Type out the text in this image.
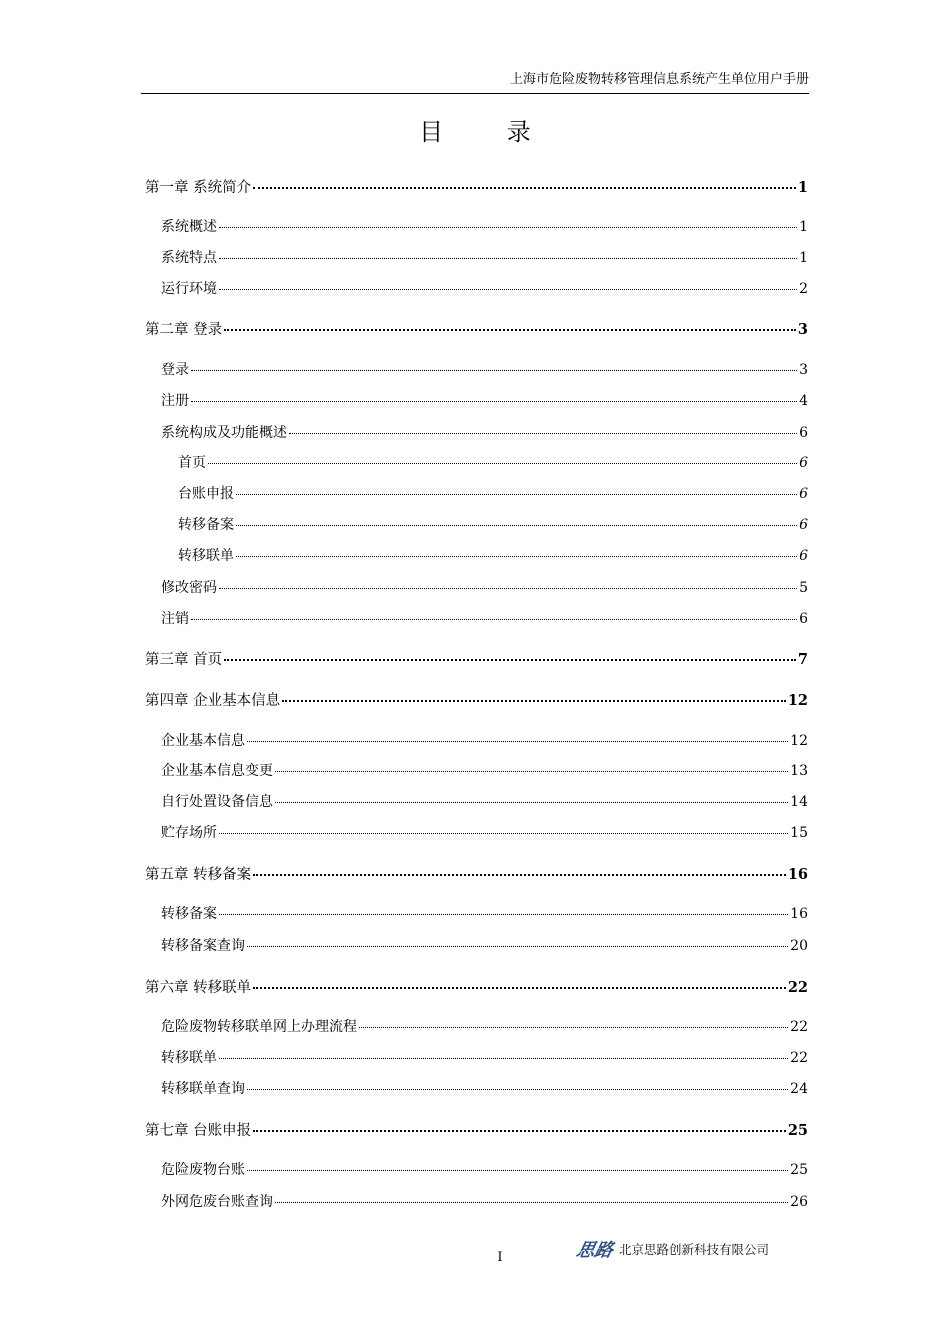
上海市危险废物转移管理信息系统产生单位用户手册
目 录
第一章 系统简介	1
系统概述	1
系统特点	1
运行环境	2
第二章 登录	3
登录	3
注册	4
系统构成及功能概述	6
首页	6
台账申报	6
转移备案	6
转移联单	6
修改密码	5
注销	6
第三章 首页	7
第四章 企业基本信息	12
企业基本信息	12
企业基本信息变更	13
自行处置设备信息	14
贮存场所	15
第五章 转移备案	16
转移备案	16
转移备案查询	20
第六章 转移联单	22
危险废物转移联单网上办理流程	22
转移联单	22
转移联单查询	24
第七章 台账申报	25
危险废物台账	25
外网危废台账查询	26
I	思路 北京思路创新科技有限公司
